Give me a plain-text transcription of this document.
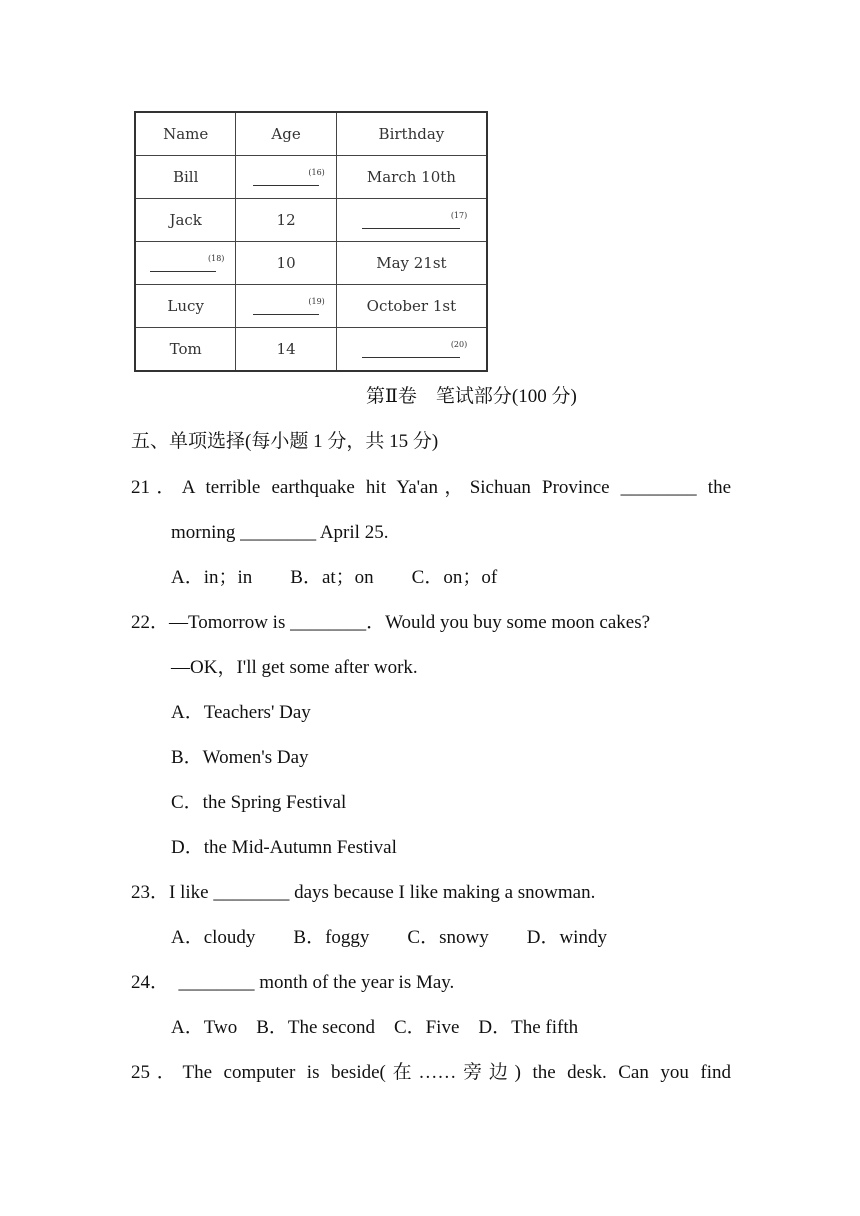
Name	Age	Birthday
Bill	(16)	March 10th
Jack	12	(17)

(18)	10	May 21st
Lucy	(19)	October 1st
Tom	14	(20)
第Ⅱ卷　笔试部分(100 分)
五、单项选择(每小题 1 分，共 15 分)
21．A terrible earthquake hit Ya'an，Sichuan Province ________ the
morning ________ April 25.
A．in；in　　B．at；on　　C．on；of
22．—Tomorrow is ________．Would you buy some moon cakes?
—OK，I'll get some after work.
A．Teachers' Day
B．Women's Day
C．the Spring Festival
D．the Mid-Autumn Festival
23．I like ________ days because I like making a snowman.
A．cloudy　　B．foggy　　C．snowy　　D．windy
24．  ________ month of the year is May.
A．Two　B．The second　C．Five　D．The fifth
25．The computer is beside(在……旁边) the desk. Can you find
